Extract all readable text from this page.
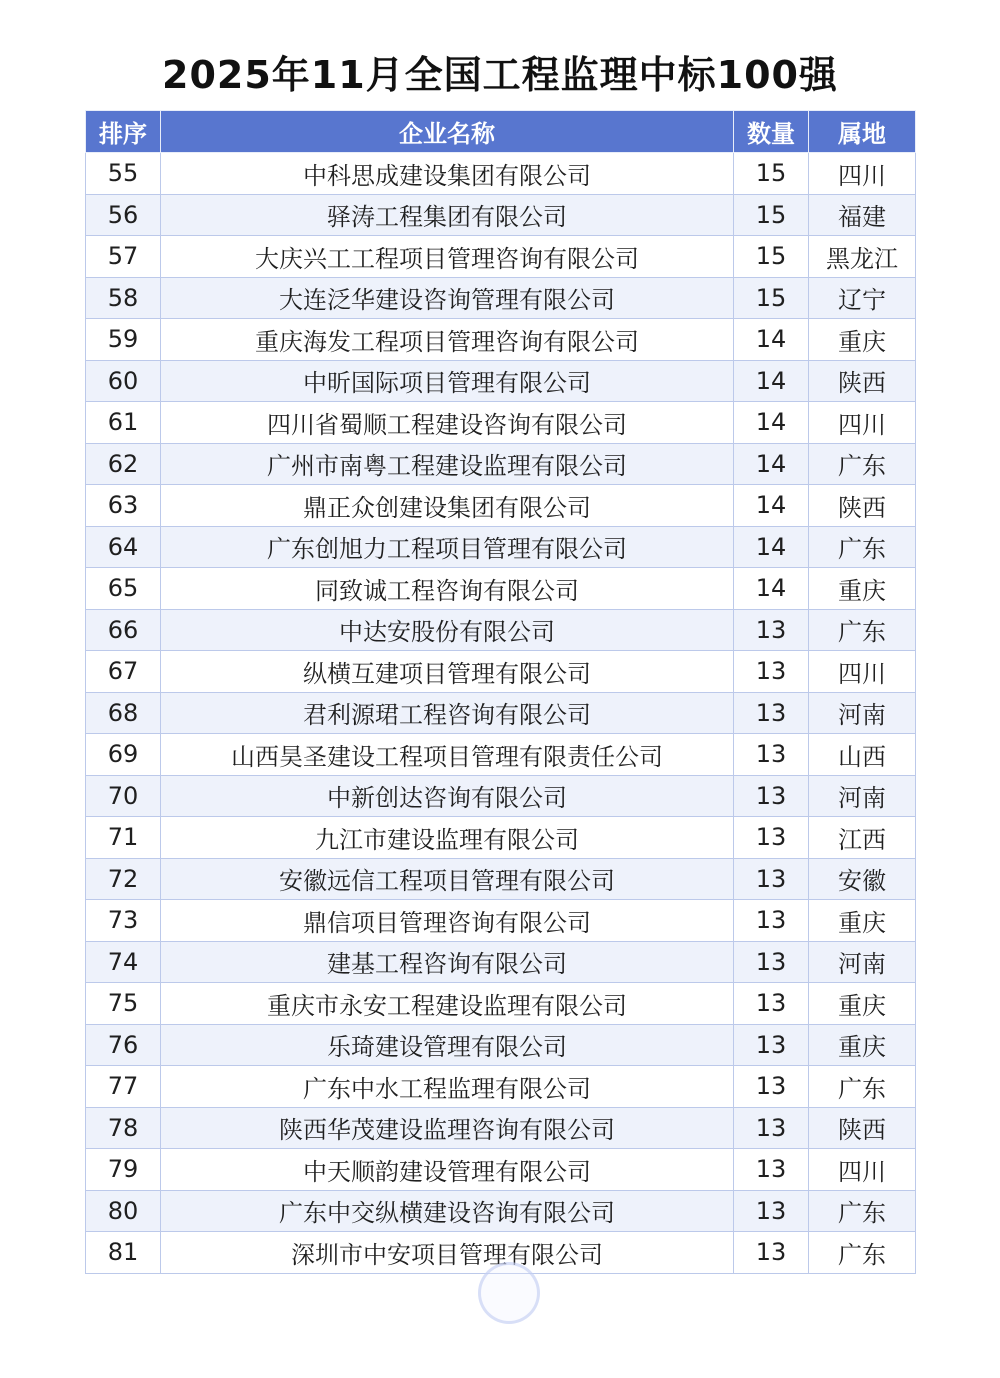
2025年11月全国工程监理中标100强
排序	企业名称	数量	属地
55	中科思成建设集团有限公司	15	四川
56	驿涛工程集团有限公司	15	福建
57	大庆兴工工程项目管理咨询有限公司	15	黑龙江
58	大连泛华建设咨询管理有限公司	15	辽宁
59	重庆海发工程项目管理咨询有限公司	14	重庆
60	中昕国际项目管理有限公司	14	陕西
61	四川省蜀顺工程建设咨询有限公司	14	四川
62	广州市南粤工程建设监理有限公司	14	广东
63	鼎正众创建设集团有限公司	14	陕西
64	广东创旭力工程项目管理有限公司	14	广东
65	同致诚工程咨询有限公司	14	重庆
66	中达安股份有限公司	13	广东
67	纵横互建项目管理有限公司	13	四川
68	君利源珺工程咨询有限公司	13	河南
69	山西昊圣建设工程项目管理有限责任公司	13	山西
70	中新创达咨询有限公司	13	河南
71	九江市建设监理有限公司	13	江西
72	安徽远信工程项目管理有限公司	13	安徽
73	鼎信项目管理咨询有限公司	13	重庆
74	建基工程咨询有限公司	13	河南
75	重庆市永安工程建设监理有限公司	13	重庆
76	乐琦建设管理有限公司	13	重庆
77	广东中水工程监理有限公司	13	广东
78	陕西华茂建设监理咨询有限公司	13	陕西
79	中天顺韵建设管理有限公司	13	四川
80	广东中交纵横建设咨询有限公司	13	广东
81	深圳市中安项目管理有限公司	13	广东
